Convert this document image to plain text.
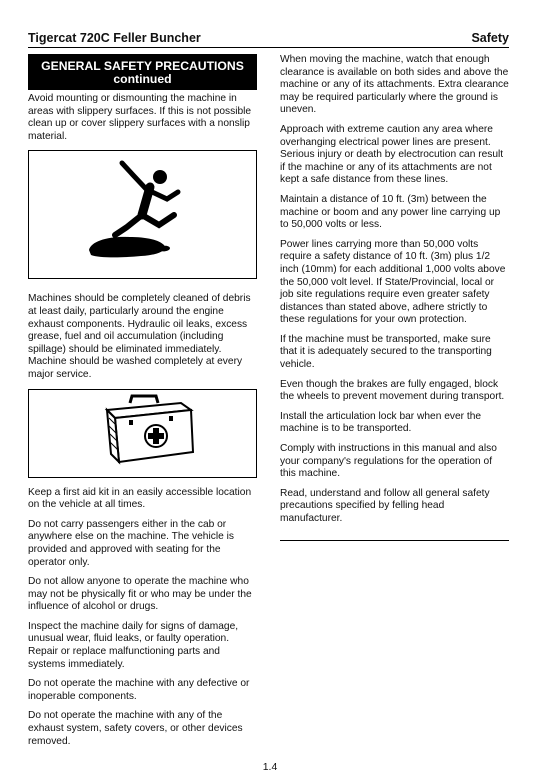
Tigercat 720C Feller Buncher	Safety
GENERAL SAFETY PRECAUTIONS
continued

Avoid mounting or dismounting the machine in areas with slippery surfaces. If this is not possible clean up or cover slippery surfaces with a nonslip material.

Machines should be completely cleaned of debris at least daily, particularly around the engine exhaust components. Hydraulic oil leaks, excess grease, fuel and oil accumulation (including spillage) should be eliminated immediately. Machine should be washed completely at every major service.

Keep a first aid kit in an easily accessible location on the vehicle at all times.

Do not carry passengers either in the cab or anywhere else on the machine. The vehicle is provided and approved with seating for the operator only.

Do not allow anyone to operate the machine who may not be physically fit or who may be under the influence of alcohol or drugs.

Inspect the machine daily for signs of damage, unusual wear, fluid leaks, or faulty operation. Repair or replace malfunctioning parts and systems immediately.

Do not operate the machine with any defective or inoperable components.

Do not operate the machine with any of the exhaust system, safety covers, or other devices removed.

When moving the machine, watch that enough clearance is available on both sides and above the machine or any of its attachments. Extra clearance may be required particularly where the ground is uneven.

Approach with extreme caution any area where overhanging electrical power lines are present. Serious injury or death by electrocution can result if the machine or any of its attachments are not kept a safe distance from these lines.

Maintain a distance of 10 ft. (3m) between the machine or boom and any power line carrying up to 50,000 volts or less.

Power lines carrying more than 50,000 volts require a safety distance of 10 ft. (3m) plus 1/2 inch (10mm) for each additional 1,000 volts above the 50,000 volt level. If State/Provincial, local or job site regulations require even greater safety distances than stated above, adhere strictly to these regulations for your own protection.

If the machine must be transported, make sure that it is adequately secured to the transporting vehicle.

Even though the brakes are fully engaged, block the wheels to prevent movement during transport.

Install the articulation lock bar when ever the machine is to be transported.

Comply with instructions in this manual and also your company's regulations for the operation of this machine.

Read, understand and follow all general safety precautions specified by felling head manufacturer.

1.4
